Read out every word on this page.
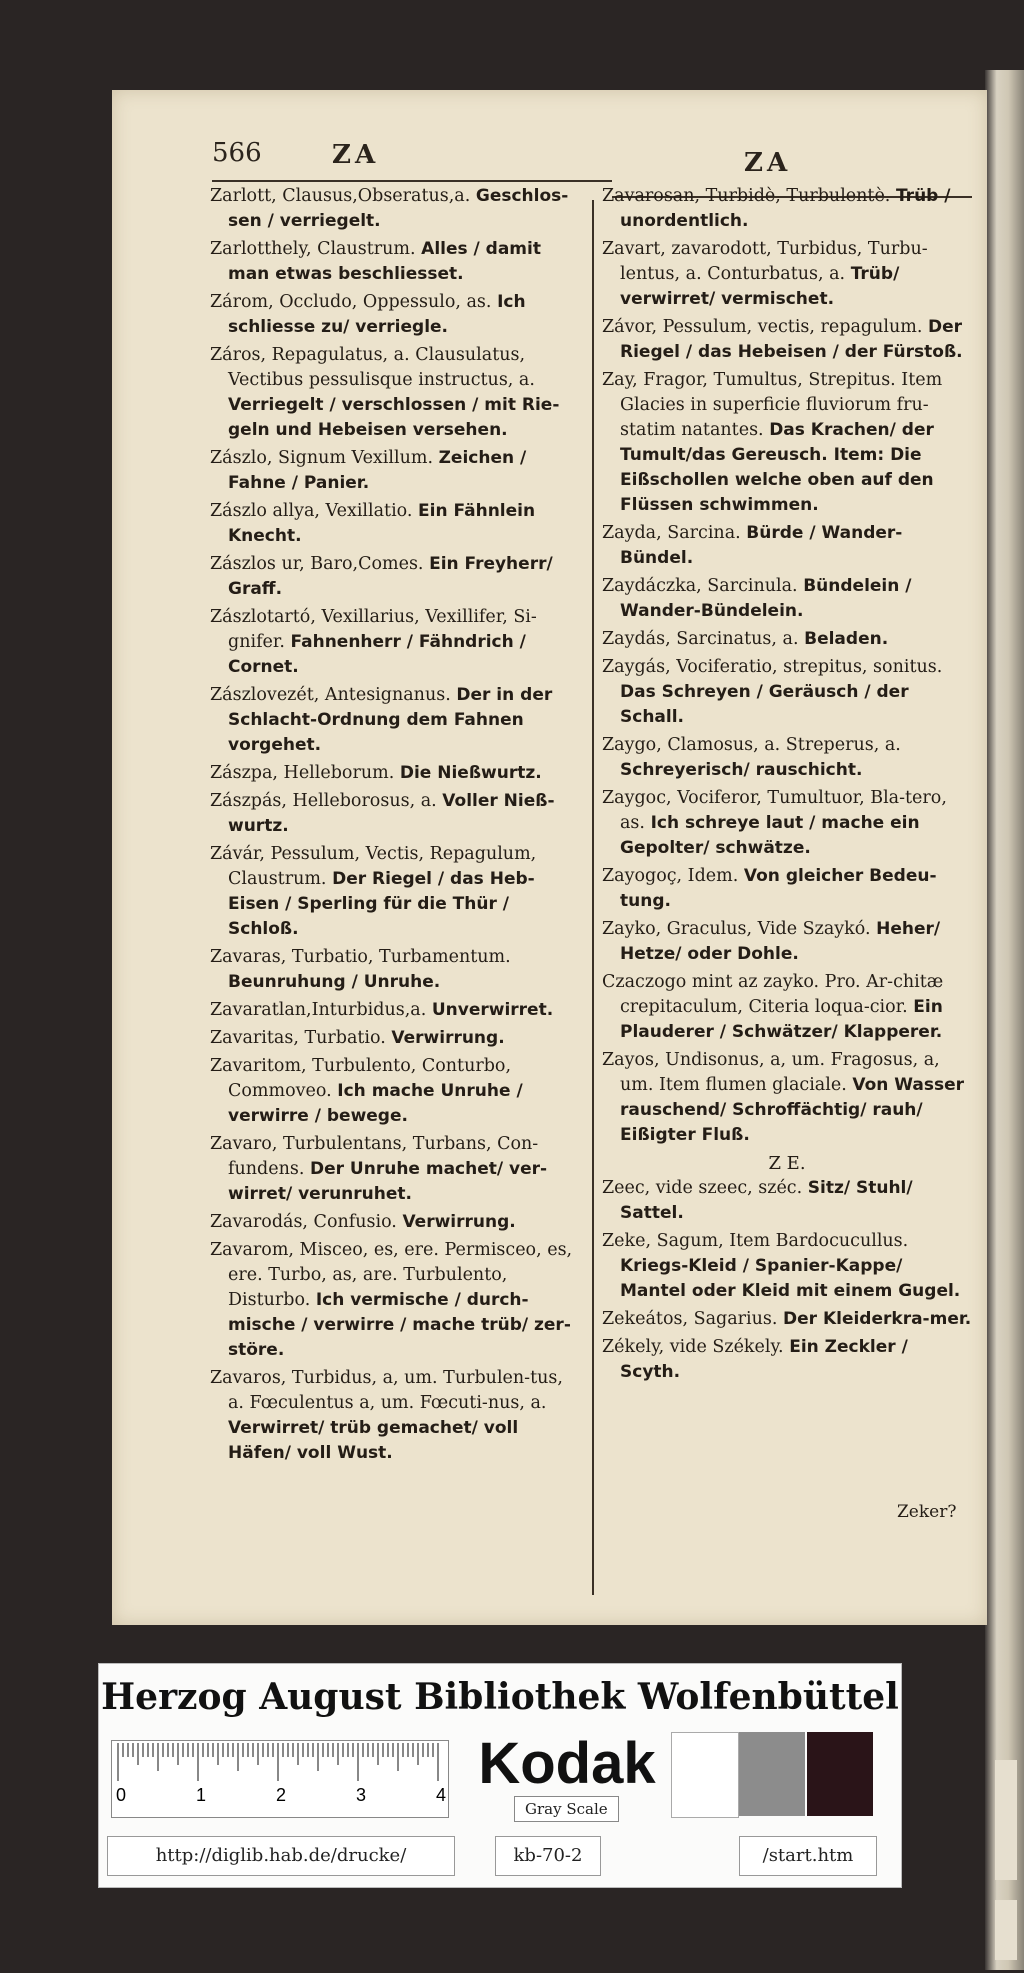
566	ZA	ZA
Zarlott, Clausus,Obseratus,a. Geschlos-sen / verriegelt.
Zarlotthely, Claustrum. Alles / damit man etwas beschliesset.
Zárom, Occludo, Oppessulo, as. Ich schliesse zu/ verriegle.
Záros, Repagulatus, a. Clausulatus, Vectibus pessulisque instructus, a. Verriegelt / verschlossen / mit Rie-geln und Hebeisen versehen.
Zászlo, Signum Vexillum. Zeichen / Fahne / Panier.
Zászlo allya, Vexillatio. Ein Fähnlein Knecht.
Zászlos ur, Baro,Comes. Ein Freyherr/ Graff.
Zászlotartó, Vexillarius, Vexillifer, Si-gnifer. Fahnenherr / Fähndrich / Cornet.
Zászlovezét, Antesignanus. Der in der Schlacht-Ordnung dem Fahnen vorgehet.
Zászpa, Helleborum. Die Nießwurtz.
Zászpás, Helleborosus, a. Voller Nieß-wurtz.
Závár, Pessulum, Vectis, Repagulum, Claustrum. Der Riegel / das Heb-Eisen / Sperling für die Thür / Schloß.
Zavaras, Turbatio, Turbamentum. Beunruhung / Unruhe.
Zavaratlan,Inturbidus,a. Unverwirret.
Zavaritas, Turbatio. Verwirrung.
Zavaritom, Turbulento, Conturbo, Commoveo. Ich mache Unruhe / verwirre / bewege.
Zavaro, Turbulentans, Turbans, Con-fundens. Der Unruhe machet/ ver-wirret/ verunruhet.
Zavarodás, Confusio. Verwirrung.
Zavarom, Misceo, es, ere. Permisceo, es, ere. Turbo, as, are. Turbulento, Disturbo. Ich vermische / durch-mische / verwirre / mache trüb/ zer-störe.
Zavaros, Turbidus, a, um. Turbulen-tus, a. Fœculentus a, um. Fœcuti-nus, a. Verwirret/ trüb gemachet/ voll Häfen/ voll Wust.
Zavarosan, Turbidè, Turbulentè. Trüb / unordentlich.
Zavart, zavarodott, Turbidus, Turbu-lentus, a. Conturbatus, a. Trüb/ verwirret/ vermischet.
Závor, Pessulum, vectis, repagulum. Der Riegel / das Hebeisen / der Fürstoß.
Zay, Fragor, Tumultus, Strepitus. Item Glacies in superficie fluviorum fru-statim natantes. Das Krachen/ der Tumult/das Gereusch. Item: Die Eißschollen welche oben auf den Flüssen schwimmen.
Zayda, Sarcina. Bürde / Wander-Bündel.
Zaydáczka, Sarcinula. Bündelein / Wander-Bündelein.
Zaydás, Sarcinatus, a. Beladen.
Zaygás, Vociferatio, strepitus, sonitus. Das Schreyen / Geräusch / der Schall.
Zaygo, Clamosus, a. Streperus, a. Schreyerisch/ rauschicht.
Zaygoc, Vociferor, Tumultuor, Bla-tero, as. Ich schreye laut / mache ein Gepolter/ schwätze.
Zayogoç, Idem. Von gleicher Bedeu-tung.
Zayko, Graculus, Vide Szaykó. Heher/ Hetze/ oder Dohle.
Czaczogo mint az zayko. Pro. Ar-chitæ crepitaculum, Citeria loqua-cior. Ein Plauderer / Schwätzer/ Klapperer.
Zayos, Undisonus, a, um. Fragosus, a, um. Item flumen glaciale. Von Wasser rauschend/ Schroffächtig/ rauh/ Eißigter Fluß.
Z E.
Zeec, vide szeec, széc. Sitz/ Stuhl/ Sattel.
Zeke, Sagum, Item Bardocucullus. Kriegs-Kleid / Spanier-Kappe/ Mantel oder Kleid mit einem Gugel.
Zekeátos, Sagarius. Der Kleiderkra-mer.
Zékely, vide Székely. Ein Zeckler / Scyth.
Zeker?
Herzog August Bibliothek Wolfenbüttel
0	1	2	3	4 Kodak
Gray Scale
http://diglib.hab.de/drucke/	kb-70-2	/start.htm
